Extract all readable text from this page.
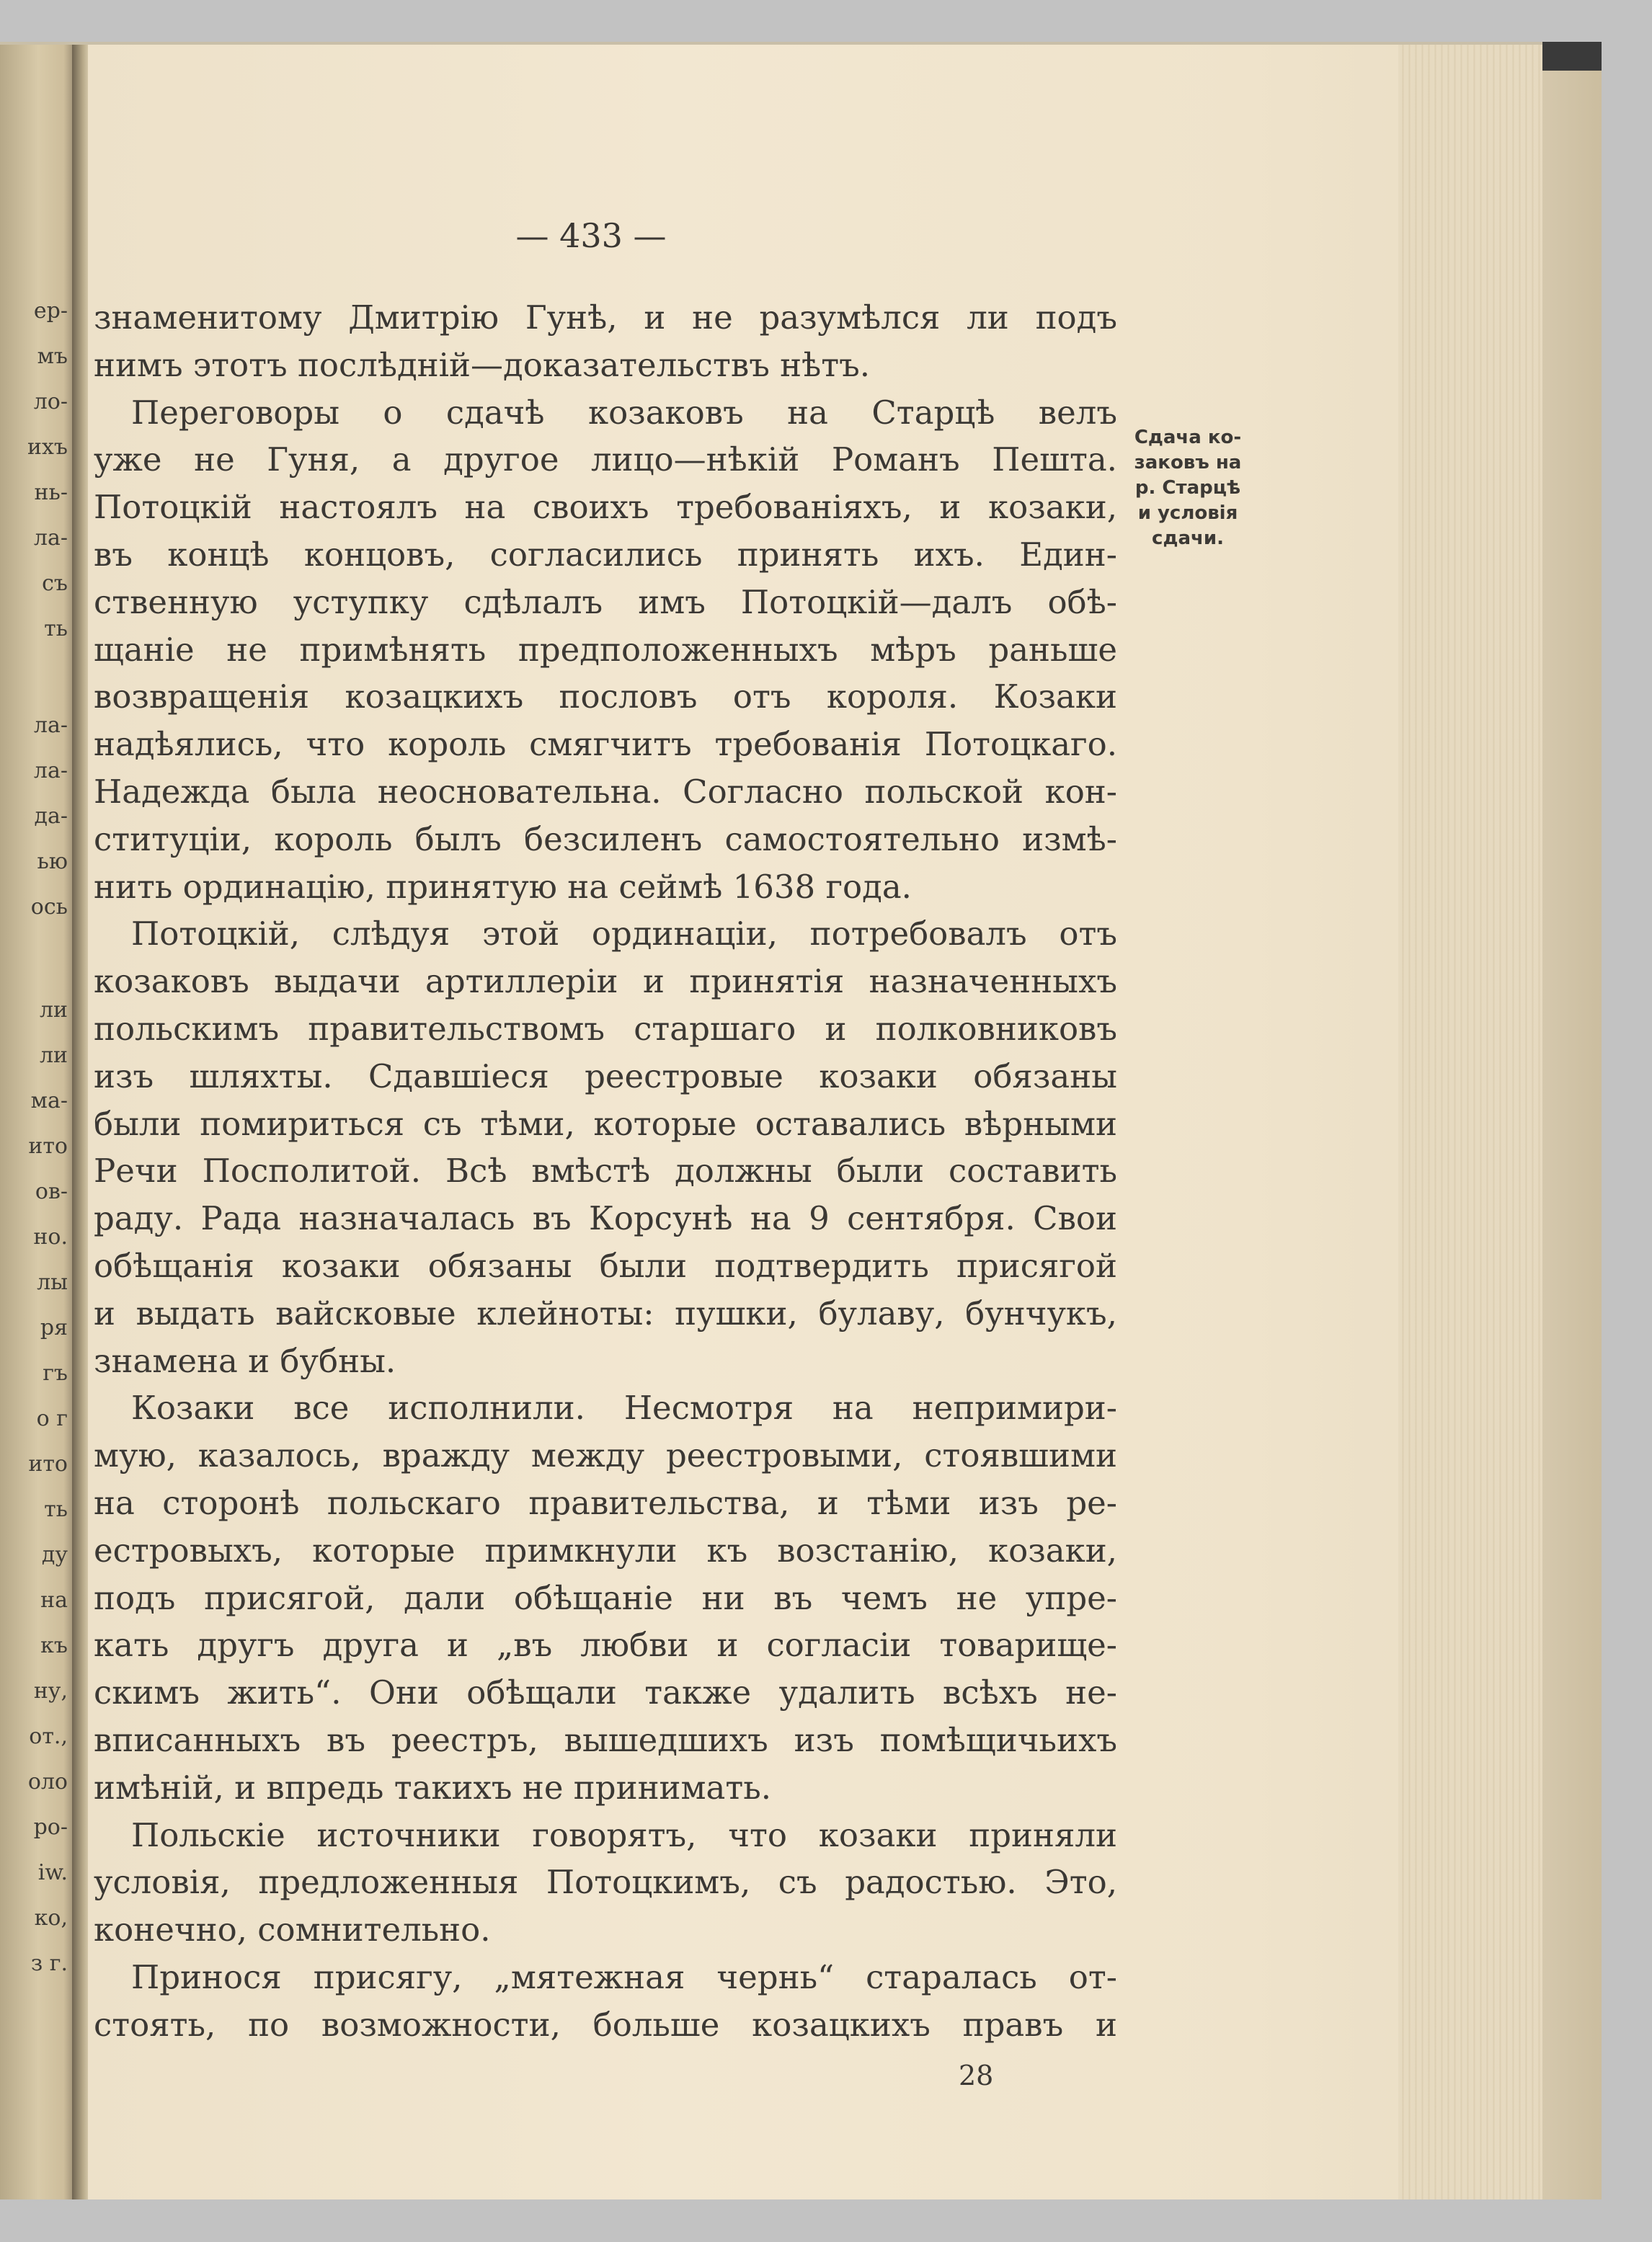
ер-
мъ
ло-
ихъ
нь-
ла-
съ
ть
ла-
ла-
да-
ью
ось
ли
ли
ма-
ито
ов-
но.
лы
ря
гъ
о г
ито
ть
ду
на
къ
ну,
от.,
оло
ро-
iw.
ко,
з г.

— 433 —

знаменитому Дмитрію Гунѣ, и не разумѣлся ли подъ
нимъ этотъ послѣднiй—доказательствъ нѣтъ.
Переговоры о сдачѣ козаковъ на Старцѣ велъ
уже не Гуня, а другое лицо—нѣкiй Романъ Пешта.
Потоцкiй настоялъ на своихъ требованiяхъ, и козаки,
въ концѣ концовъ, согласились принять ихъ. Един-
ственную уступку сдѣлалъ имъ Потоцкiй—далъ обѣ-
щанiе не примѣнять предположенныхъ мѣръ раньше
возвращенiя козацкихъ пословъ отъ короля. Козаки
надѣялись, что король смягчитъ требованiя Потоцкаго.
Надежда была неосновательна. Согласно польской кон-
ституцiи, король былъ безсиленъ самостоятельно измѣ-
нить ординацiю, принятую на сеймѣ 1638 года.
Потоцкiй, слѣдуя этой ординацiи, потребовалъ отъ
козаковъ выдачи артиллерiи и принятiя назначенныхъ
польскимъ правительствомъ старшаго и полковниковъ
изъ шляхты. Сдавшiеся реестровые козаки обязаны
были помириться съ тѣми, которые оставались вѣрными
Речи Посполитой. Всѣ вмѣстѣ должны были составить
раду. Рада назначалась въ Корсунѣ на 9 сентября. Свои
обѣщанiя козаки обязаны были подтвердить присягой
и выдать вайсковые клейноты: пушки, булаву, бунчукъ,
знамена и бубны.
Козаки все исполнили. Несмотря на непримири-
мую, казалось, вражду между реестровыми, стоявшими
на сторонѣ польскаго правительства, и тѣми изъ ре-
естровыхъ, которые примкнули къ возстанiю, козаки,
подъ присягой, дали обѣщанiе ни въ чемъ не упре-
кать другъ друга и „въ любви и согласiи товарище-
скимъ жить“. Они обѣщали также удалить всѣхъ не-
вписанныхъ въ реестръ, вышедшихъ изъ помѣщичьихъ
имѣнiй, и впредь такихъ не принимать.
Польскiе источники говорятъ, что козаки приняли
условiя, предложенныя Потоцкимъ, съ радостью. Это,
конечно, сомнительно.
Принося присягу, „мятежная чернь“ старалась от-
стоять, по возможности, больше козацкихъ правъ и

Сдача ко-
заковъ на
р. Старцѣ
и условія
сдачи.

28
